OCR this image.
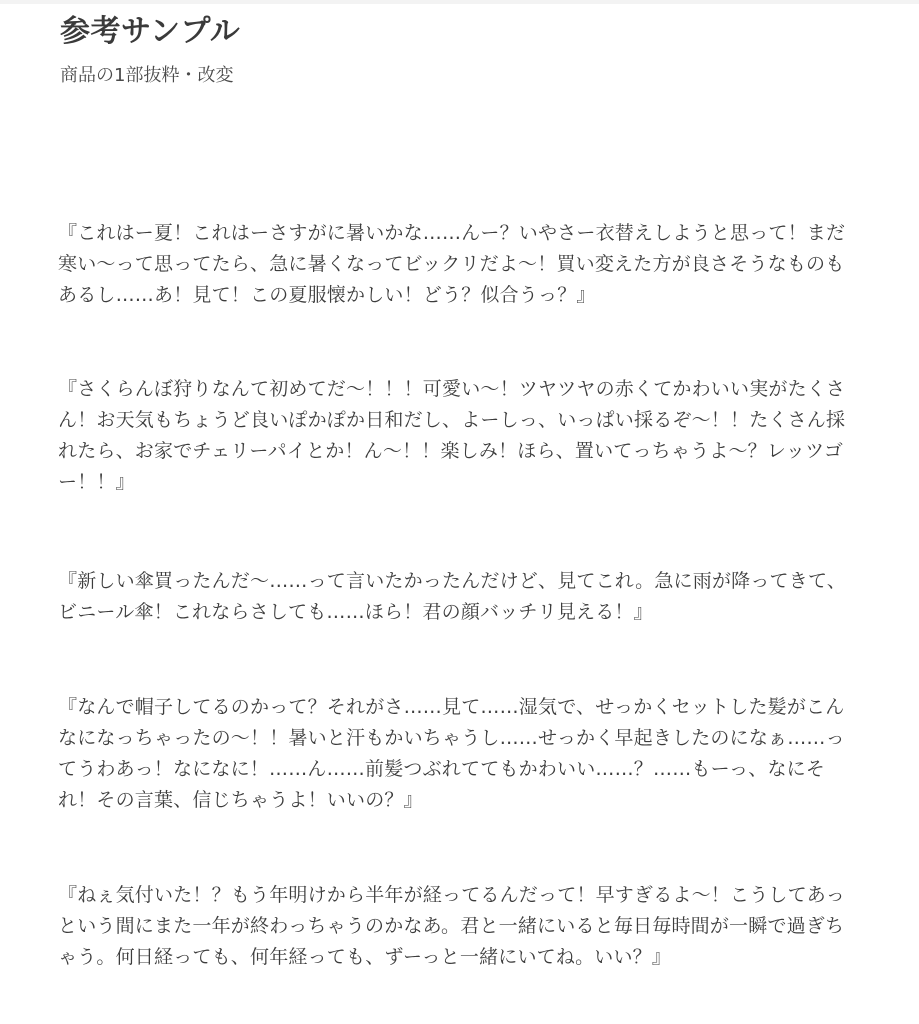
参考サンプル
商品の1部抜粋・改変

『これはー夏！これはーさすがに暑いかな……んー？いやさー衣替えしようと思って！まだ寒い〜って思ってたら、急に暑くなってビックリだよ〜！買い変えた方が良さそうなものもあるし……あ！見て！この夏服懐かしい！どう？似合うっ？』

『さくらんぼ狩りなんて初めてだ〜！！！可愛い〜！ツヤツヤの赤くてかわいい実がたくさん！お天気もちょうど良いぽかぽか日和だし、よーしっ、いっぱい採るぞ〜！！たくさん採れたら、お家でチェリーパイとか！ん〜！！楽しみ！ほら、置いてっちゃうよ〜？レッツゴー！！』

『新しい傘買ったんだ〜……って言いたかったんだけど、見てこれ。急に雨が降ってきて、ビニール傘！これならさしても……ほら！君の顔バッチリ見える！』

『なんで帽子してるのかって？それがさ……見て……湿気で、せっかくセットした髪がこんなになっちゃったの〜！！暑いと汗もかいちゃうし……せっかく早起きしたのになぁ……ってうわあっ！なになに！……ん……前髪つぶれててもかわいい……？……もーっ、なにそれ！その言葉、信じちゃうよ！いいの？』

『ねぇ気付いた！？もう年明けから半年が経ってるんだって！早すぎるよ〜！こうしてあっという間にまた一年が終わっちゃうのかなあ。君と一緒にいると毎日毎時間が一瞬で過ぎちゃう。何日経っても、何年経っても、ずーっと一緒にいてね。いい？』
